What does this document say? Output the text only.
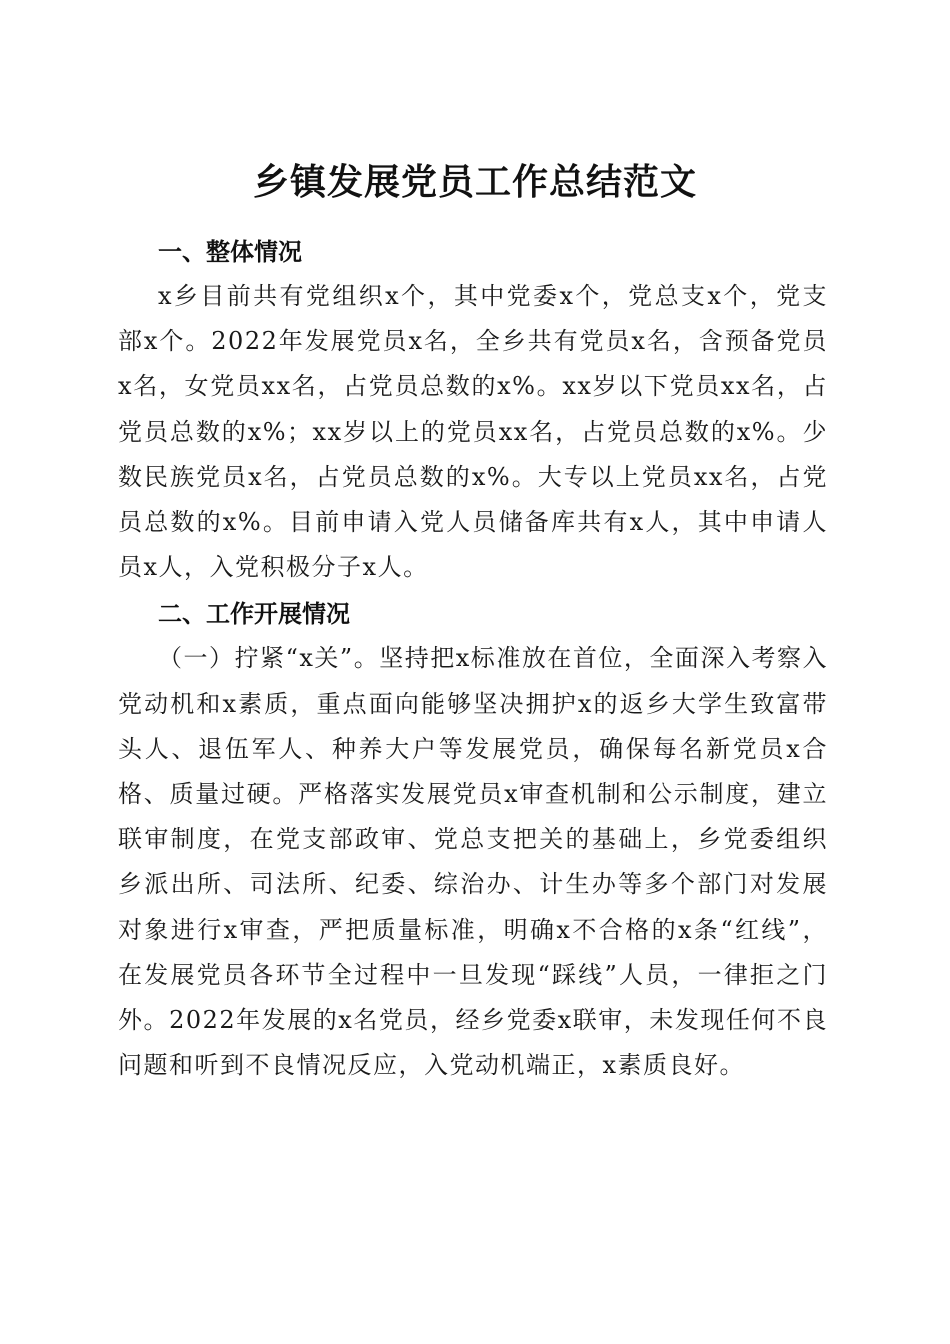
乡镇发展党员工作总结范文
一、整体情况

x乡目前共有党组织x个，其中党委x个，党总支x个，党支部x个。2022年发展党员x名，全乡共有党员x名，含预备党员x名，女党员xx名，占党员总数的x%。xx岁以下党员xx名，占党员总数的x%；xx岁以上的党员xx名，占党员总数的x%。少数民族党员x名，占党员总数的x%。大专以上党员xx名，占党员总数的x%。目前申请入党人员储备库共有x人，其中申请人员x人，入党积极分子x人。

二、工作开展情况

（一）拧紧“x关”。坚持把x标准放在首位，全面深入考察入党动机和x素质，重点面向能够坚决拥护x的返乡大学生致富带头人、退伍军人、种养大户等发展党员，确保每名新党员x合格、质量过硬。严格落实发展党员x审查机制和公示制度，建立联审制度，在党支部政审、党总支把关的基础上，乡党委组织乡派出所、司法所、纪委、综治办、计生办等多个部门对发展对象进行x审查，严把质量标准，明确x不合格的x条“红线”，在发展党员各环节全过程中一旦发现“踩线”人员，一律拒之门外。2022年发展的x名党员，经乡党委x联审，未发现任何不良问题和听到不良情况反应，入党动机端正，x素质良好。
